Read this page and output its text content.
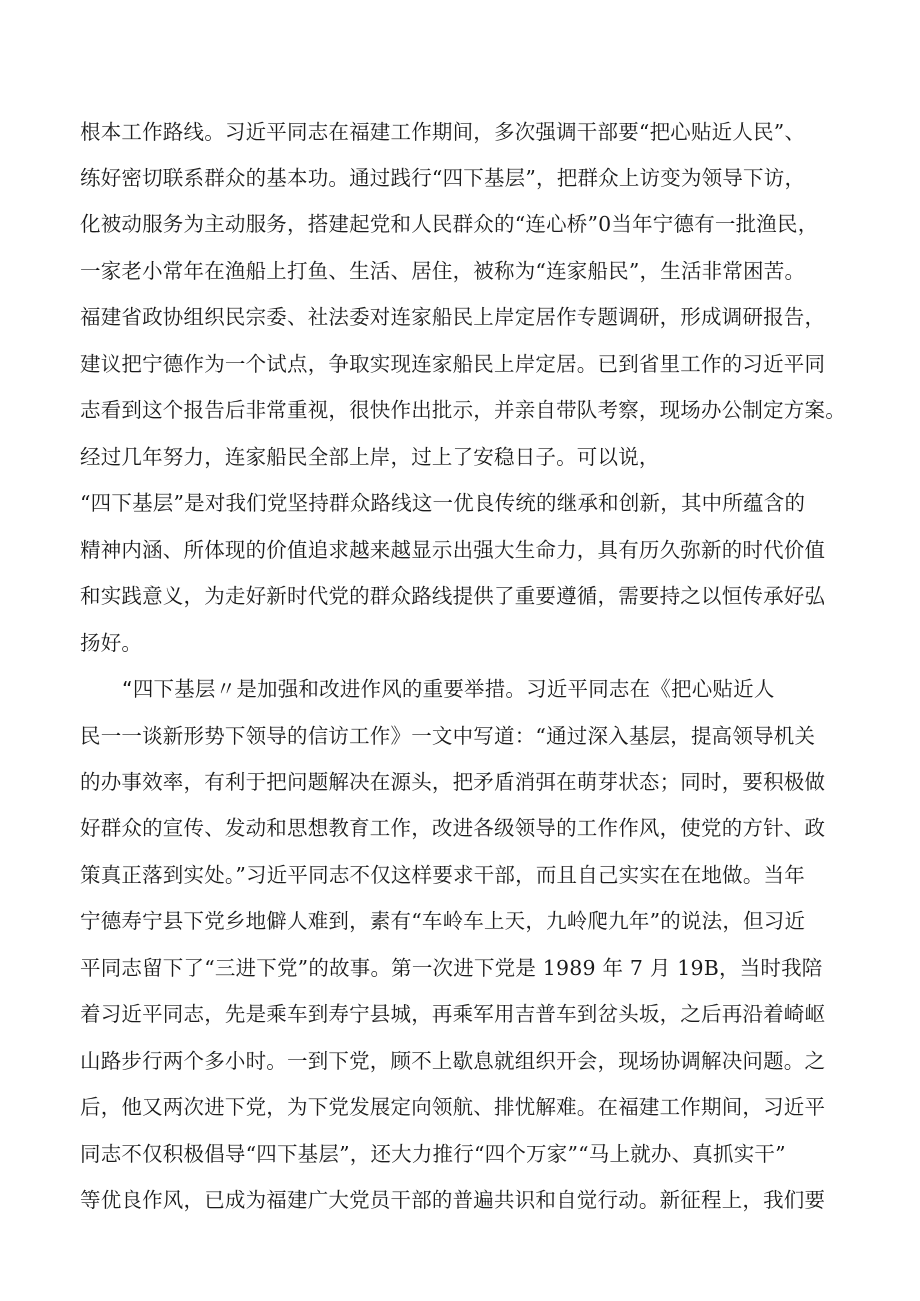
根本工作路线。习近平同志在福建工作期间，多次强调干部要“把心贴近人民”、
练好密切联系群众的基本功。通过践行“四下基层”，把群众上访变为领导下访，
化被动服务为主动服务，搭建起党和人民群众的“连心桥”0当年宁德有一批渔民，
一家老小常年在渔船上打鱼、生活、居住，被称为“连家船民”，生活非常困苦。
福建省政协组织民宗委、社法委对连家船民上岸定居作专题调研，形成调研报告，
建议把宁德作为一个试点，争取实现连家船民上岸定居。已到省里工作的习近平同
志看到这个报告后非常重视，很快作出批示，并亲自带队考察，现场办公制定方案。
经过几年努力，连家船民全部上岸，过上了安稳日子。可以说，
“四下基层”是对我们党坚持群众路线这一优良传统的继承和创新，其中所蕴含的
精神内涵、所体现的价值追求越来越显示出强大生命力，具有历久弥新的时代价值
和实践意义，为走好新时代党的群众路线提供了重要遵循，需要持之以恒传承好弘
扬好。
“四下基层〃是加强和改进作风的重要举措。习近平同志在《把心贴近人
民一一谈新形势下领导的信访工作》一文中写道：“通过深入基层，提高领导机关
的办事效率，有利于把问题解决在源头，把矛盾消弭在萌芽状态；同时，要积极做
好群众的宣传、发动和思想教育工作，改进各级领导的工作作风，使党的方针、政
策真正落到实处。”习近平同志不仅这样要求干部，而且自己实实在在地做。当年
宁德寿宁县下党乡地僻人难到，素有“车岭车上天，九岭爬九年”的说法，但习近
平同志留下了“三进下党”的故事。第一次进下党是 1989 年 7 月 19B，当时我陪
着习近平同志，先是乘车到寿宁县城，再乘军用吉普车到岔头坂，之后再沿着崎岖
山路步行两个多小时。一到下党，顾不上歇息就组织开会，现场协调解决问题。之
后，他又两次进下党，为下党发展定向领航、排忧解难。在福建工作期间，习近平
同志不仅积极倡导“四下基层”，还大力推行“四个万家”“马上就办、真抓实干”
等优良作风，已成为福建广大党员干部的普遍共识和自觉行动。新征程上，我们要
